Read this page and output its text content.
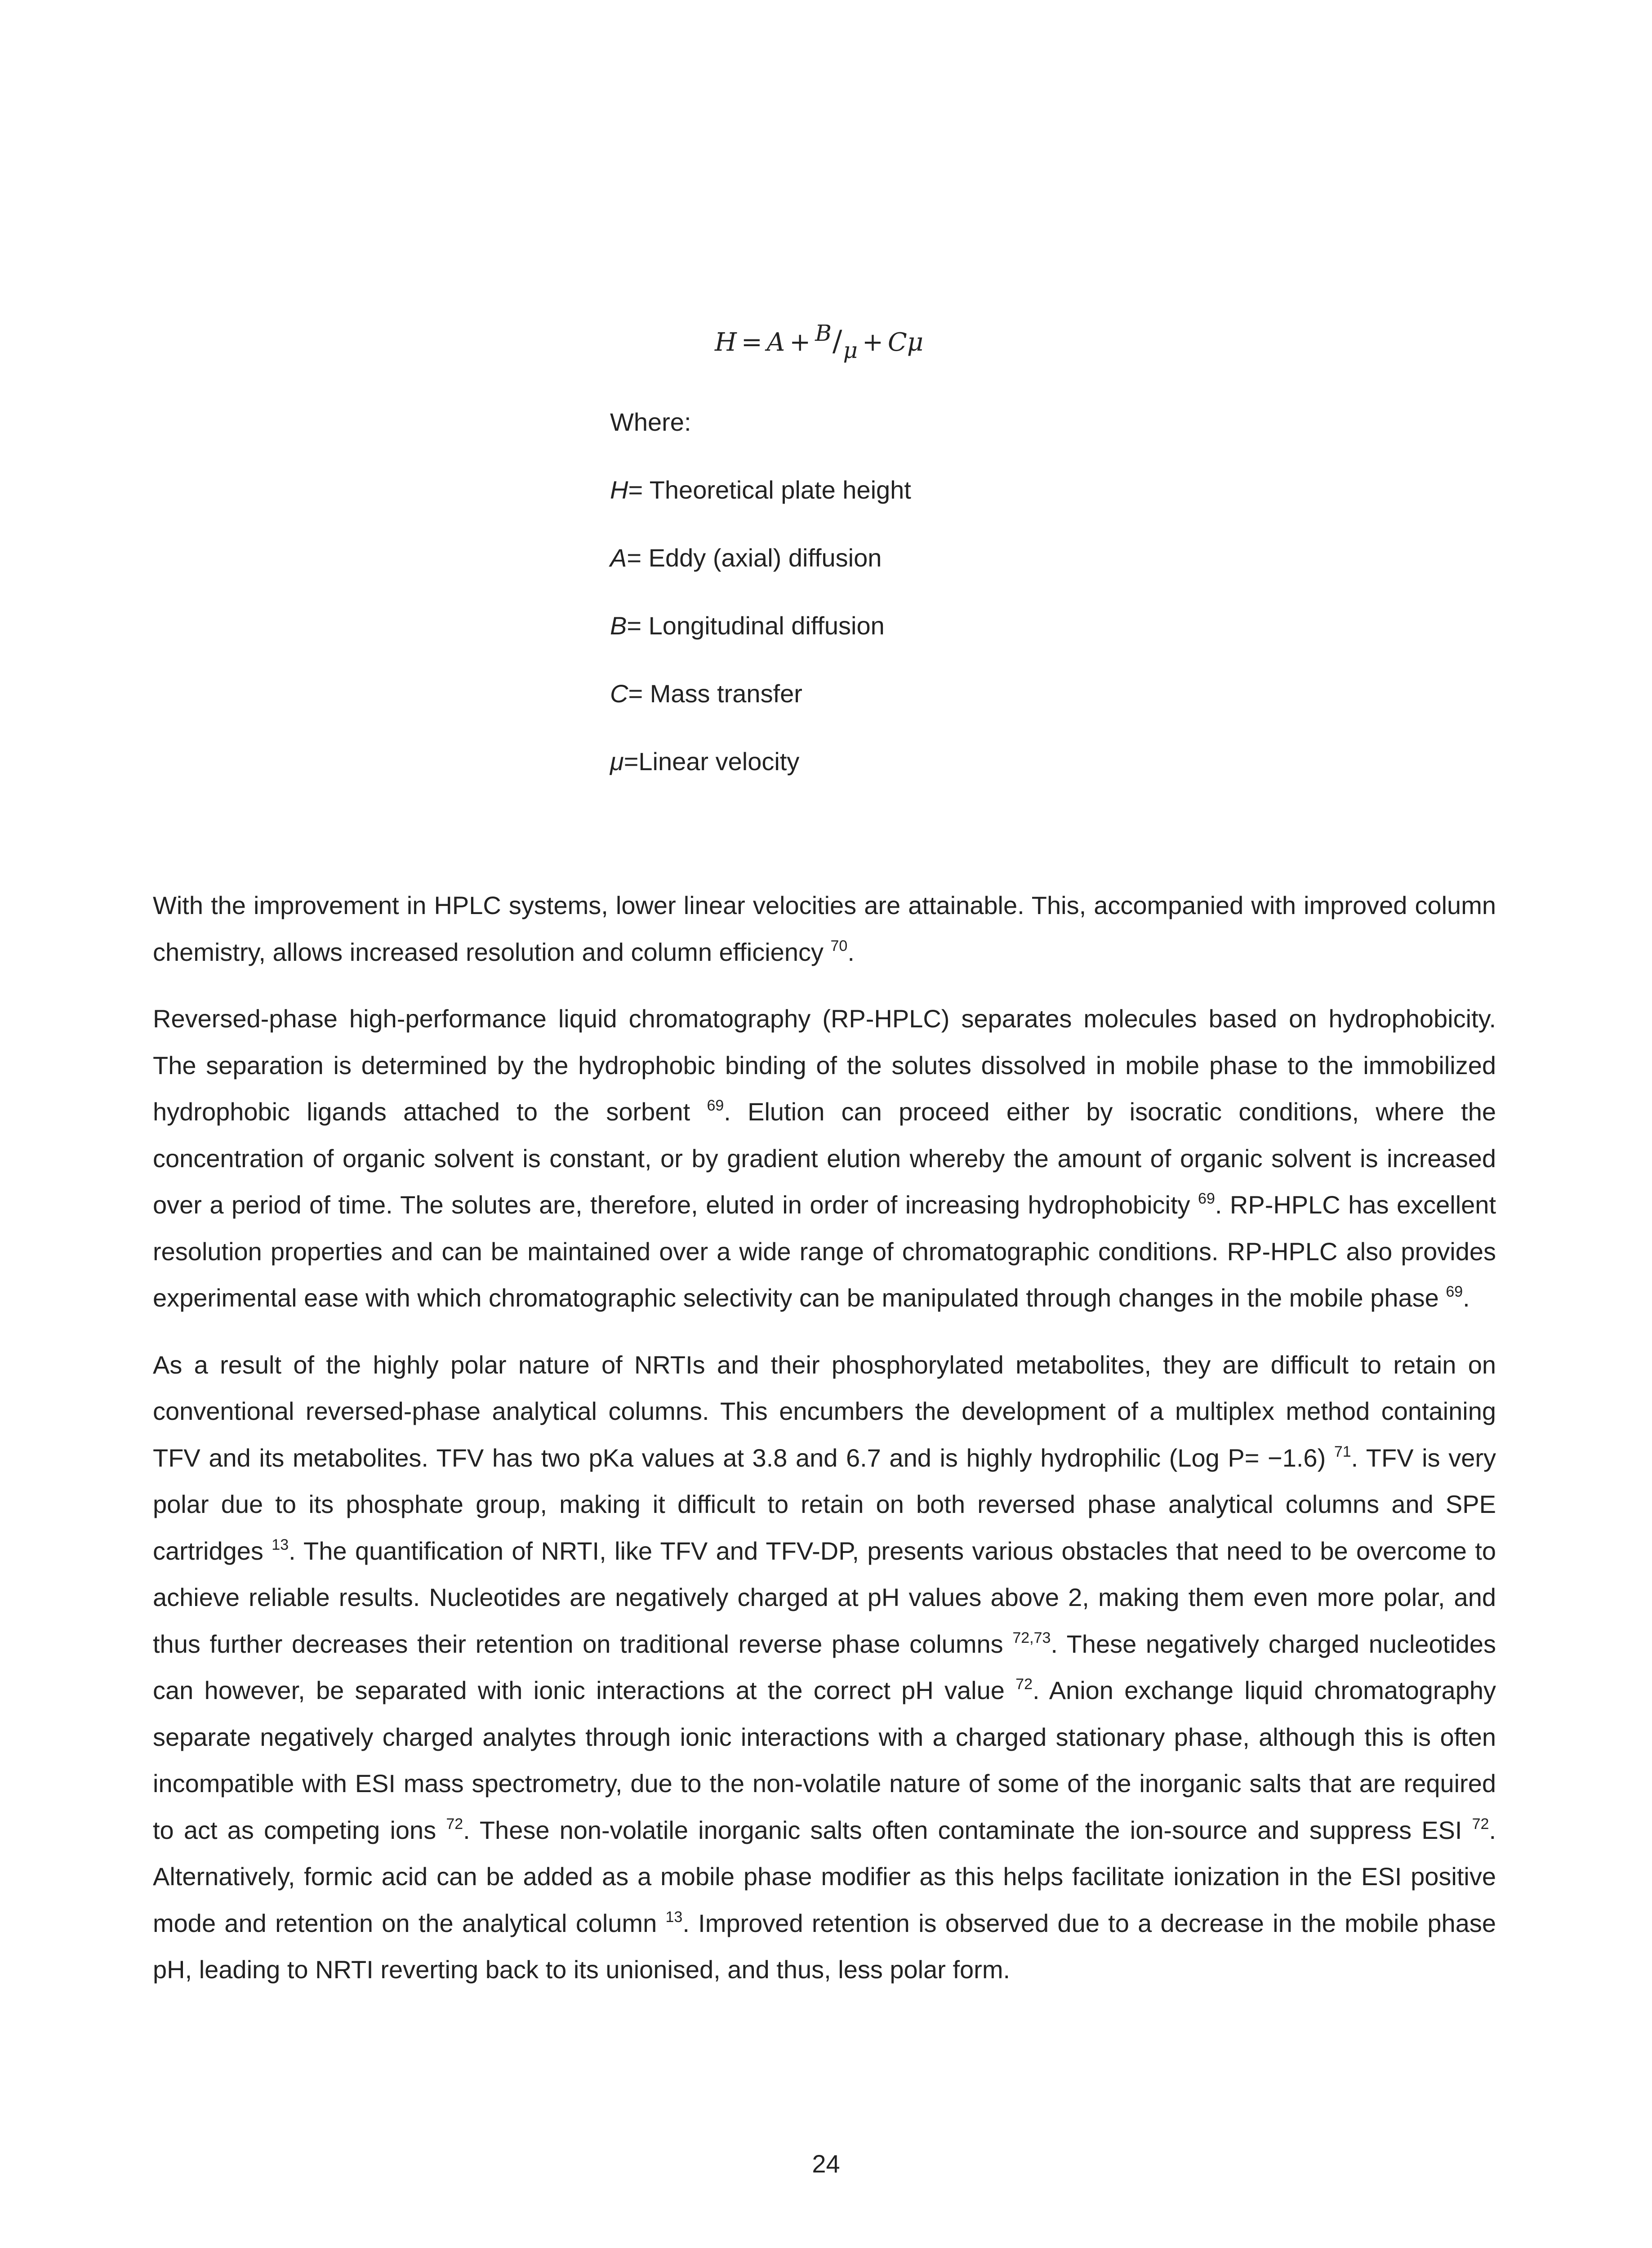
H = A + B/μ + Cμ
Where:
H= Theoretical plate height
A= Eddy (axial) diffusion
B= Longitudinal diffusion
C= Mass transfer
μ=Linear velocity

With the improvement in HPLC systems, lower linear velocities are attainable. This, accompanied with improved column chemistry, allows increased resolution and column efficiency $^{70}$.

Reversed-phase high-performance liquid chromatography (RP-HPLC) separates molecules based on hydrophobicity. The separation is determined by the hydrophobic binding of the solutes dissolved in mobile phase to the immobilized hydrophobic ligands attached to the sorbent $^{69}$. Elution can proceed either by isocratic conditions, where the concentration of organic solvent is constant, or by gradient elution whereby the amount of organic solvent is increased over a period of time. The solutes are, therefore, eluted in order of increasing hydrophobicity $^{69}$. RP-HPLC has excellent resolution properties and can be maintained over a wide range of chromatographic conditions. RP-HPLC also provides experimental ease with which chromatographic selectivity can be manipulated through changes in the mobile phase $^{69}$.

As a result of the highly polar nature of NRTIs and their phosphorylated metabolites, they are difficult to retain on conventional reversed-phase analytical columns. This encumbers the development of a multiplex method containing TFV and its metabolites. TFV has two pKa values at 3.8 and 6.7 and is highly hydrophilic (Log P= −1.6) $^{71}$. TFV is very polar due to its phosphate group, making it difficult to retain on both reversed phase analytical columns and SPE cartridges $^{13}$. The quantification of NRTI, like TFV and TFV-DP, presents various obstacles that need to be overcome to achieve reliable results. Nucleotides are negatively charged at pH values above 2, making them even more polar, and thus further decreases their retention on traditional reverse phase columns $^{72,73}$. These negatively charged nucleotides can however, be separated with ionic interactions at the correct pH value $^{72}$. Anion exchange liquid chromatography separate negatively charged analytes through ionic interactions with a charged stationary phase, although this is often incompatible with ESI mass spectrometry, due to the non-volatile nature of some of the inorganic salts that are required to act as competing ions $^{72}$. These non-volatile inorganic salts often contaminate the ion-source and suppress ESI $^{72}$. Alternatively, formic acid can be added as a mobile phase modifier as this helps facilitate ionization in the ESI positive mode and retention on the analytical column $^{13}$. Improved retention is observed due to a decrease in the mobile phase pH, leading to NRTI reverting back to its unionised, and thus, less polar form.

24
